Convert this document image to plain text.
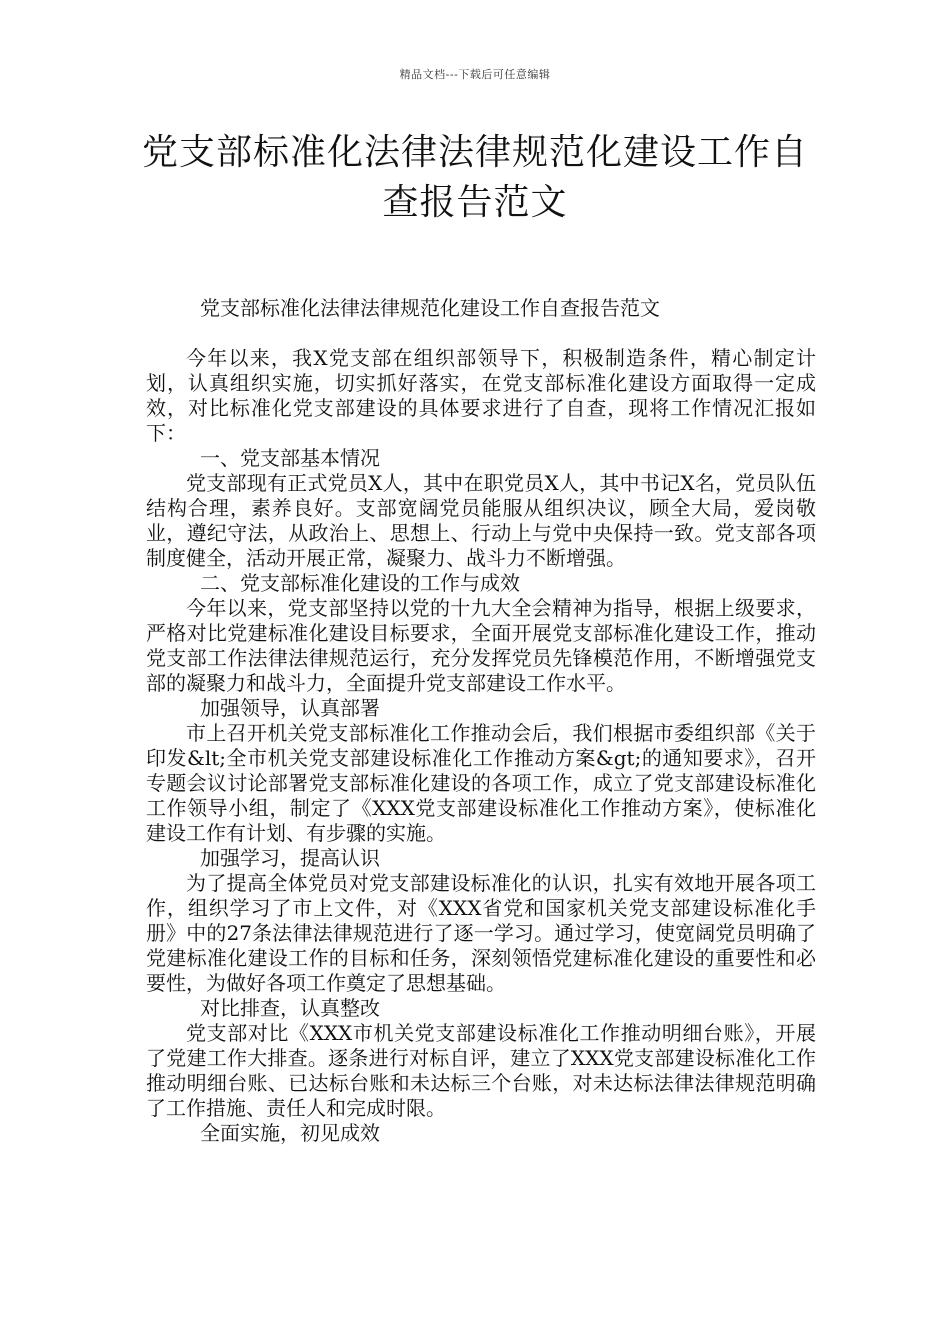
精品文档---下载后可任意编辑
党支部标准化法律法律规范化建设工作自
查报告范文

党支部标准化法律法律规范化建设工作自查报告范文

今年以来，我X党支部在组织部领导下，积极制造条件，精心制定计划，认真组织实施，切实抓好落实，在党支部标准化建设方面取得一定成效，对比标准化党支部建设的具体要求进行了自查，现将工作情况汇报如下：

一、党支部基本情况

党支部现有正式党员X人，其中在职党员X人，其中书记X名，党员队伍结构合理，素养良好。支部宽阔党员能服从组织决议，顾全大局，爱岗敬业，遵纪守法，从政治上、思想上、行动上与党中央保持一致。党支部各项制度健全，活动开展正常，凝聚力、战斗力不断增强。

二、党支部标准化建设的工作与成效

今年以来，党支部坚持以党的十九大全会精神为指导，根据上级要求，严格对比党建标准化建设目标要求，全面开展党支部标准化建设工作，推动党支部工作法律法律规范运行，充分发挥党员先锋模范作用，不断增强党支部的凝聚力和战斗力，全面提升党支部建设工作水平。

加强领导，认真部署

市上召开机关党支部标准化工作推动会后，我们根据市委组织部《关于印发&lt;全市机关党支部建设标准化工作推动方案&gt;的通知要求》，召开专题会议讨论部署党支部标准化建设的各项工作，成立了党支部建设标准化工作领导小组，制定了《XXX党支部建设标准化工作推动方案》，使标准化建设工作有计划、有步骤的实施。

加强学习，提高认识

为了提高全体党员对党支部建设标准化的认识，扎实有效地开展各项工作，组织学习了市上文件，对《XXX省党和国家机关党支部建设标准化手册》中的27条法律法律规范进行了逐一学习。通过学习，使宽阔党员明确了党建标准化建设工作的目标和任务，深刻领悟党建标准化建设的重要性和必要性，为做好各项工作奠定了思想基础。

对比排查，认真整改

党支部对比《XXX市机关党支部建设标准化工作推动明细台账》，开展了党建工作大排查。逐条进行对标自评，建立了XXX党支部建设标准化工作推动明细台账、已达标台账和未达标三个台账，对未达标法律法律规范明确了工作措施、责任人和完成时限。

全面实施，初见成效
